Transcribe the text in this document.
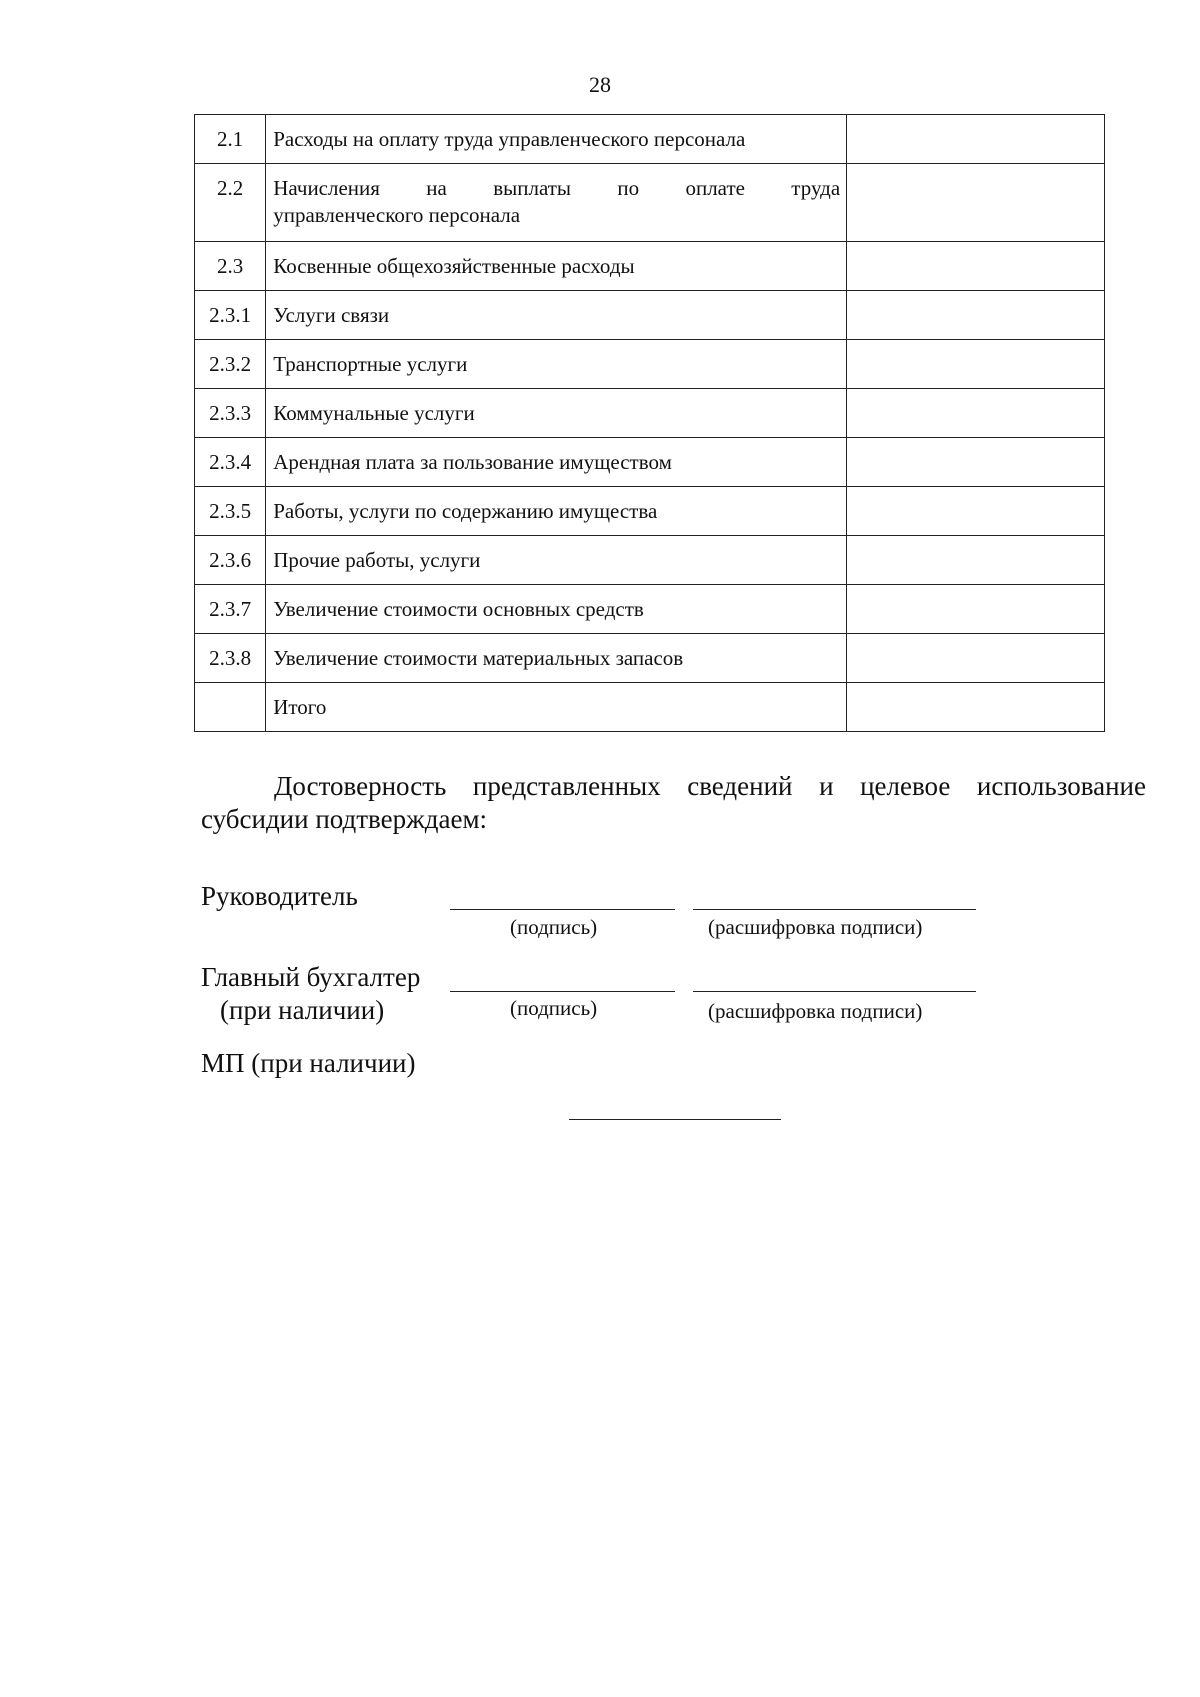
28
2.1	Расходы на оплату труда управленческого персонала	
2.2	Начисления на выплаты по оплате труда
управленческого персонала	

2.3	Косвенные общехозяйственные расходы	
2.3.1	Услуги связи	
2.3.2	Транспортные услуги	
2.3.3	Коммунальные услуги	
2.3.4	Арендная плата за пользование имуществом	
2.3.5	Работы, услуги по содержанию имущества	
2.3.6	Прочие работы, услуги	
2.3.7	Увеличение стоимости основных средств	
2.3.8	Увеличение стоимости материальных запасов	
	Итого	
Достоверность представленных сведений и целевое использование
субсидии подтверждаем:
Руководитель
(подпись)	(расшифровка подписи)
Главный бухгалтер
(при наличии)	(подпись)	(расшифровка подписи)
МП (при наличии)
